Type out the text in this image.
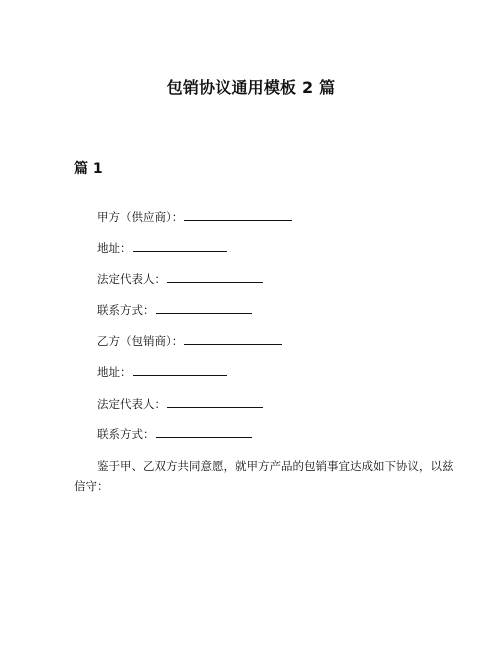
包销协议通用模板 2 篇
篇 1
甲方（供应商）：
地址：
法定代表人：
联系方式：
乙方（包销商）：
地址：
法定代表人：
联系方式：
鉴于甲、乙双方共同意愿，就甲方产品的包销事宜达成如下协议，以兹信守：
